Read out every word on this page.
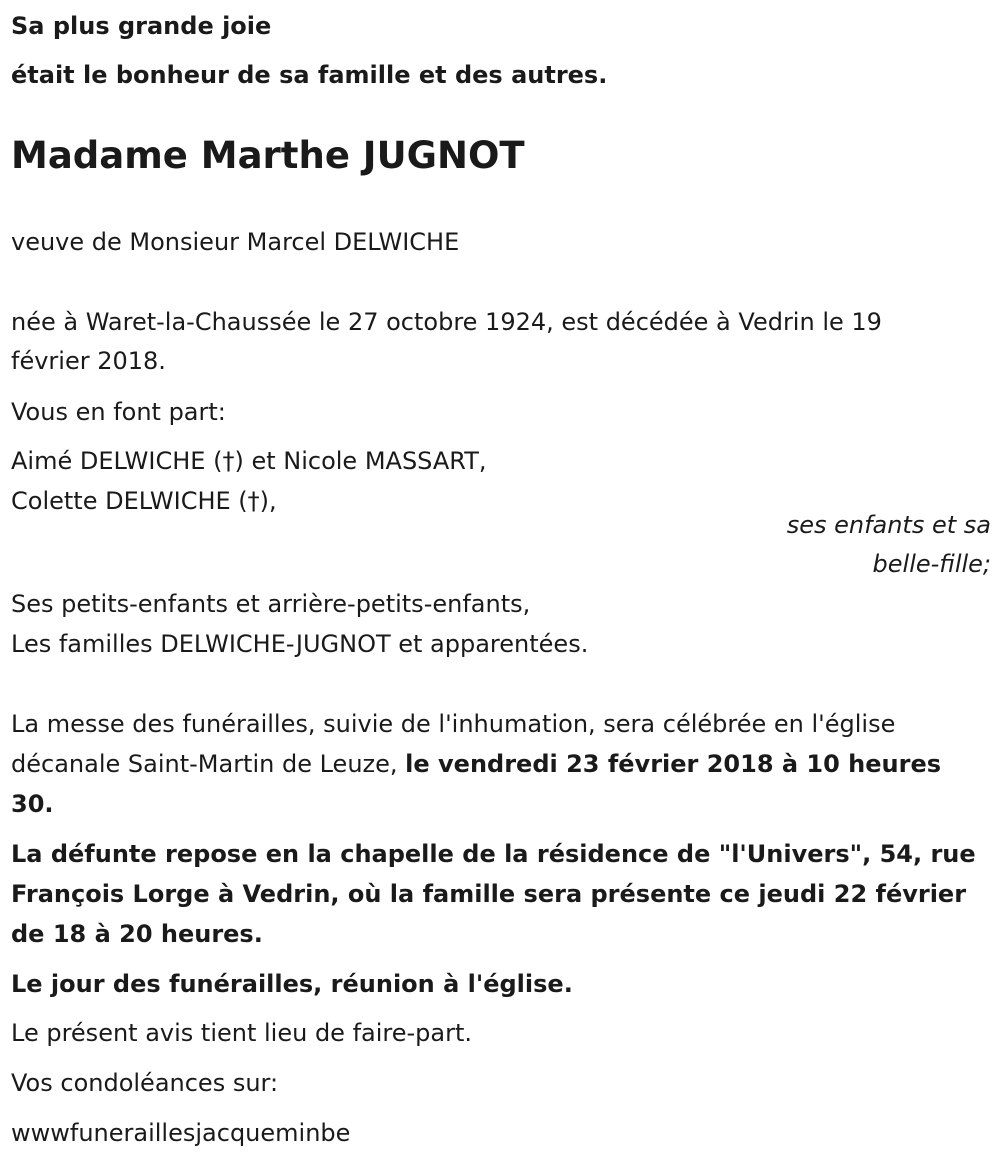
Sa plus grande joie
était le bonheur de sa famille et des autres.
Madame Marthe JUGNOT
veuve de Monsieur Marcel DELWICHE
née à Waret-la-Chaussée le 27 octobre 1924, est décédée à Vedrin le 19
février 2018.
Vous en font part:
Aimé DELWICHE (†) et Nicole MASSART,
Colette DELWICHE (†),
ses enfants et sa
belle-fille;
Ses petits-enfants et arrière-petits-enfants,
Les familles DELWICHE-JUGNOT et apparentées.
La messe des funérailles, suivie de l'inhumation, sera célébrée en l'église
décanale Saint-Martin de Leuze, le vendredi 23 février 2018 à 10 heures
30.
La défunte repose en la chapelle de la résidence de "l'Univers", 54, rue
François Lorge à Vedrin, où la famille sera présente ce jeudi 22 février
de 18 à 20 heures.
Le jour des funérailles, réunion à l'église.
Le présent avis tient lieu de faire-part.
Vos condoléances sur:
wwwfuneraillesjacqueminbe
